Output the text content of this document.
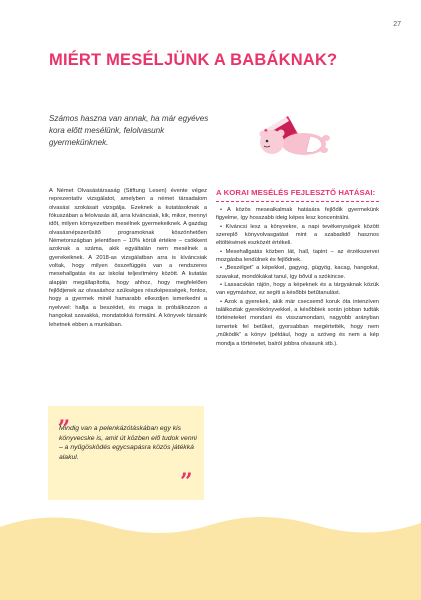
27
MIÉRT MESÉLJÜNK A BABÁKNAK?

Számos haszna van annak, ha már egyéves kora előtt mesélünk, felolvasunk gyermekünknek.

A Német Olvasástársaság (Stiftung Lesen) évente végez reprezentatív vizsgálatot, amelyben a német társadalom olvasási szokásait vizsgálja. Ezeknek a kutatásoknak a fókuszában a felolvasás áll, arra kíváncsiak, kik, mikor, mennyi időt, milyen környezetben mesélnek gyermekeiknek. A gazdag olvasásnépszerűsítő programoknak köszönhetően Németországban jelentősen – 10% körüli értékre – csökkent azoknak a száma, akik egyáltalán nem mesélnek a gyerekeiknek. A 2018-as vizsgálatban arra is kíváncsiak voltak, hogy milyen összefüggés van a rendszeres mesehallgatás és az iskolai teljesítmény között. A kutatás alapján megállapította, hogy ahhoz, hogy megfelelően fejlődjenek az olvasáshoz szükséges részképességek, fontos, hogy a gyermek minél hamarabb elkezdjen ismerkedni a nyelvvel: hallja a beszédet, és maga is próbálkozzon a hangokat szavakká, mondatokká formálni. A könyvek társaink lehetnek ebben a munkában.

„

Mindig van a pelenkázótáskában egy kis könyvecske is, amit út közben elő tudok venni – a nyűgösködés egycsapásra közös játékká alakul.

”
A KORAI MESÉLÉS FEJLESZTŐ HATÁSAI:
• A közös mesealkalmak hatására fejlődik gyermekünk figyelme, így hosszabb ideig képes lesz koncentrálni.
• Kíváncsi lesz a könyvekre, a napi tevékenységek között szereplő könyvolvasgatást mint a szabadidő hasznos eltöltésének eszközét értékeli.
• Mesehallgatás közben lát, hall, tapint – az érzékszervei mozgásba lendülnek és fejlődnek.
• „Beszélget” a képekkel, gagyog, gügyög, kacag, hangokat, szavakat, mondókákat tanul, így bővül a szókincse.
• Lassacskán rájön, hogy a képeknek és a tárgyaknak közük van egymáshoz, ez segíti a későbbi betűtanulást.
• Azok a gyerekek, akik már csecsemő koruk óta intenzíven találkoztak gyerekkönyvekkel, a későbbiek során jobban tudták történeteket mondani és visszamondani, nagyobb arányban ismertek fel betűket, gyorsabban megértették, hogy nem „működik” a könyv (például, hogy a szöveg és nem a kép mondja a történetet, balról jobbra olvasunk stb.).
